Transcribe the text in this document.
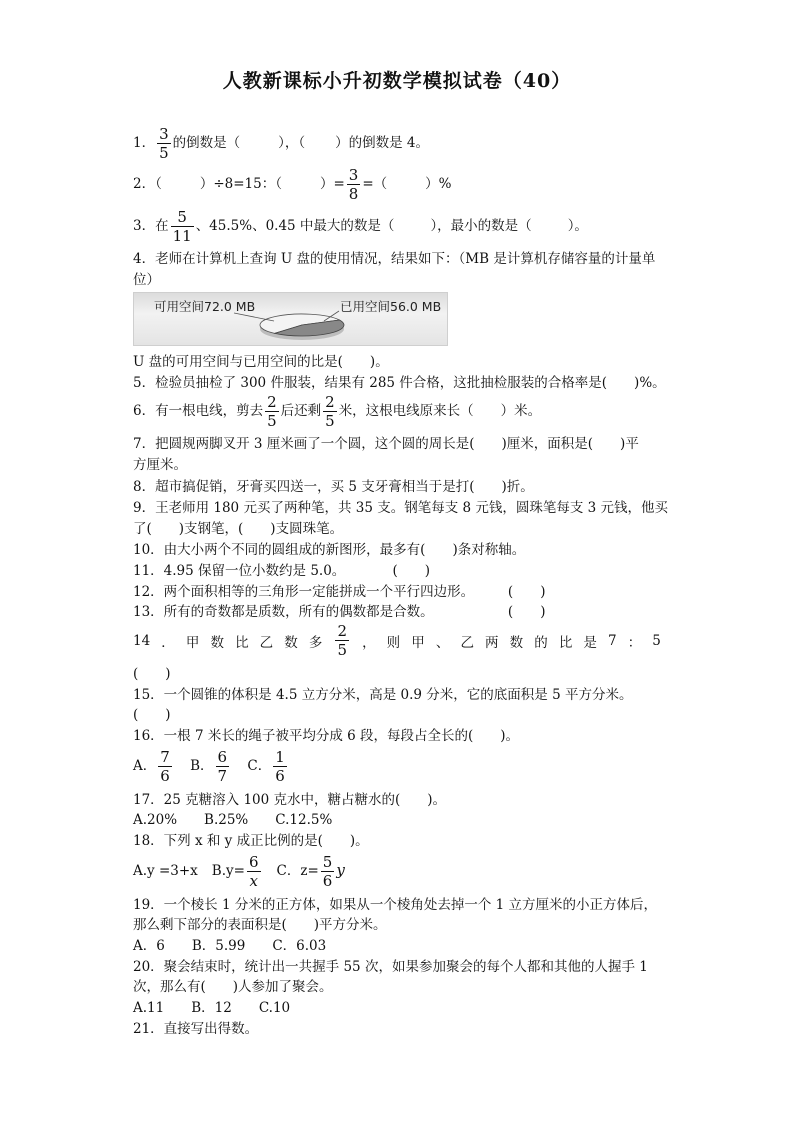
人教新课标小升初数学模拟试卷（40）
1． $\frac{3}{5}$ 的倒数是（	），（ ）的倒数是 4。
2．（	）÷8=15：（	）= $\frac{3}{8}$ =（	）%
3．在 $\frac{5}{11}$ 、45.5%、0.45 中最大的数是（	），最小的数是（	）。
4．老师在计算机上查询 U 盘的使用情况，结果如下：（MB 是计算机存储容量的计量单
位）
可用空间72.0 MB	已用空间56.0 MB
U 盘的可用空间与已用空间的比是(　　)。
5．检验员抽检了 300 件服装，结果有 285 件合格，这批抽检服装的合格率是(　　)%。
6．有一根电线，剪去 $\frac{2}{5}$ 后还剩 $\frac{2}{5}$ 米，这根电线原来长（　　）米。
7．把圆规两脚叉开 3 厘米画了一个圆，这个圆的周长是(　　)厘米，面积是(　　)平
方厘米。
8．超市搞促销，牙膏买四送一，买 5 支牙膏相当于是打(　　)折。
9．王老师用 180 元买了两种笔，共 35 支。钢笔每支 8 元钱，圆珠笔每支 3 元钱，他买
了(　　)支钢笔，(　　)支圆珠笔。
10．由大小两个不同的圆组成的新图形，最多有(　　)条对称轴。
11．4.95 保留一位小数约是 5.0。　　　　(　　)
12．两个面积相等的三角形一定能拼成一个平行四边形。　　　(　　)
13．所有的奇数都是质数，所有的偶数都是合数。　　　　　　(　　)
14 ． 甲 数 比 乙 数 多 $\frac{2}{5}$ ， 则 甲 、 乙 两 数 的 比 是 7 ： 5
(　　)
15．一个圆锥的体积是 4.5 立方分米，高是 0.9 分米，它的底面积是 5 平方分米。
(　　)
16．一根 7 米长的绳子被平均分成 6 段，每段占全长的(　　)。
A． $\frac{7}{6}$ B． $\frac{6}{7}$ C． $\frac{1}{6}$
17．25 克糖溶入 100 克水中，糖占糖水的(　　)。
A.20%　　B.25%　　C.12.5%
18．下列 x 和 y 成正比例的是(　　)。
A.y =3+x $B.y= \frac{6}{x}$ C．$z= \frac{5}{6}$ y
19．一个棱长 1 分米的正方体，如果从一个棱角处去掉一个 1 立方厘米的小正方体后，
那么剩下部分的表面积是(　　)平方分米。
A．6　　B．5.99　　C．6.03
20．聚会结束时，统计出一共握手 55 次，如果参加聚会的每个人都和其他的人握手 1
次，那么有(　　)人参加了聚会。
A.11　　B．12　　C.10
21．直接写出得数。
